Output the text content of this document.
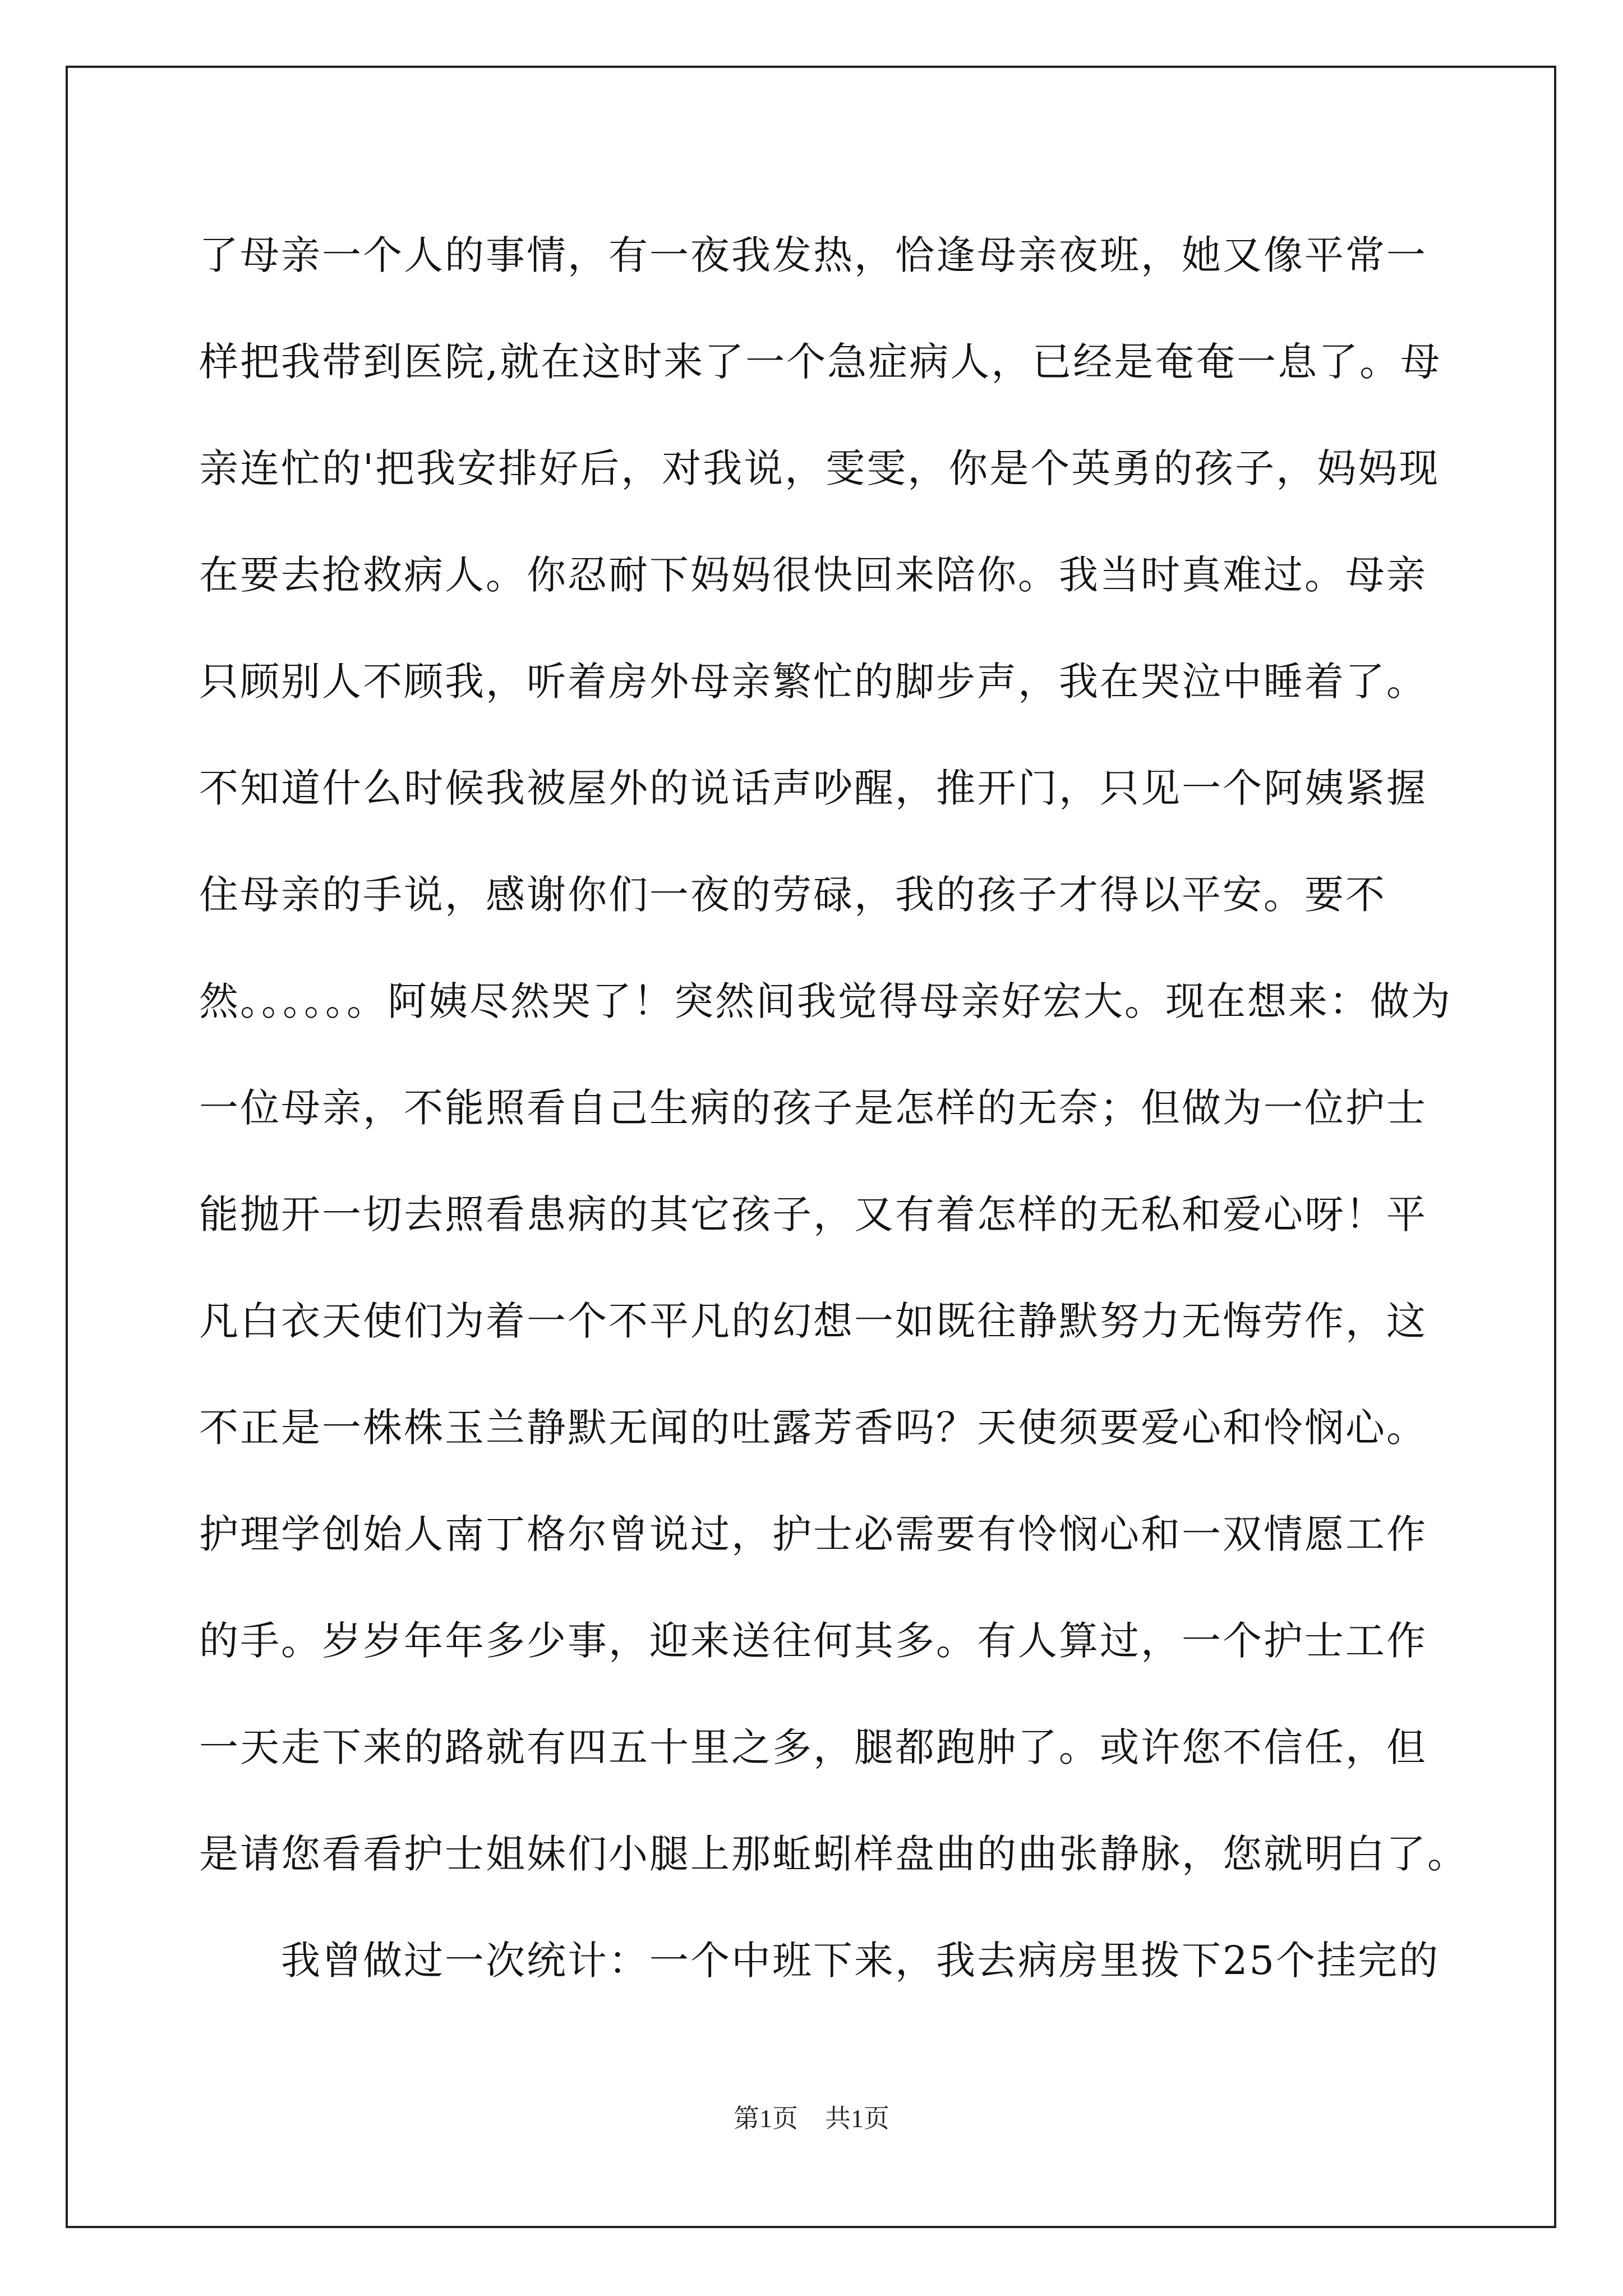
了母亲一个人的事情，有一夜我发热，恰逢母亲夜班，她又像平常一
样把我带到医院,就在这时来了一个急症病人，已经是奄奄一息了。母
亲连忙的'把我安排好后，对我说，雯雯，你是个英勇的孩子，妈妈现
在要去抢救病人。你忍耐下妈妈很快回来陪你。我当时真难过。母亲
只顾别人不顾我，听着房外母亲繁忙的脚步声，我在哭泣中睡着了。
不知道什么时候我被屋外的说话声吵醒，推开门，只见一个阿姨紧握
住母亲的手说，感谢你们一夜的劳碌，我的孩子才得以平安。要不
然。。。。。。阿姨尽然哭了！突然间我觉得母亲好宏大。现在想来：做为
一位母亲，不能照看自己生病的孩子是怎样的无奈；但做为一位护士
能抛开一切去照看患病的其它孩子，又有着怎样的无私和爱心呀！平
凡白衣天使们为着一个不平凡的幻想一如既往静默努力无悔劳作，这
不正是一株株玉兰静默无闻的吐露芳香吗？天使须要爱心和怜悯心。
护理学创始人南丁格尔曾说过，护士必需要有怜悯心和一双情愿工作
的手。岁岁年年多少事，迎来送往何其多。有人算过，一个护士工作
一天走下来的路就有四五十里之多，腿都跑肿了。或许您不信任，但
是请您看看护士姐妹们小腿上那蚯蚓样盘曲的曲张静脉，您就明白了。
　　我曾做过一次统计：一个中班下来，我去病房里拨下25个挂完的
第1页 共1页
